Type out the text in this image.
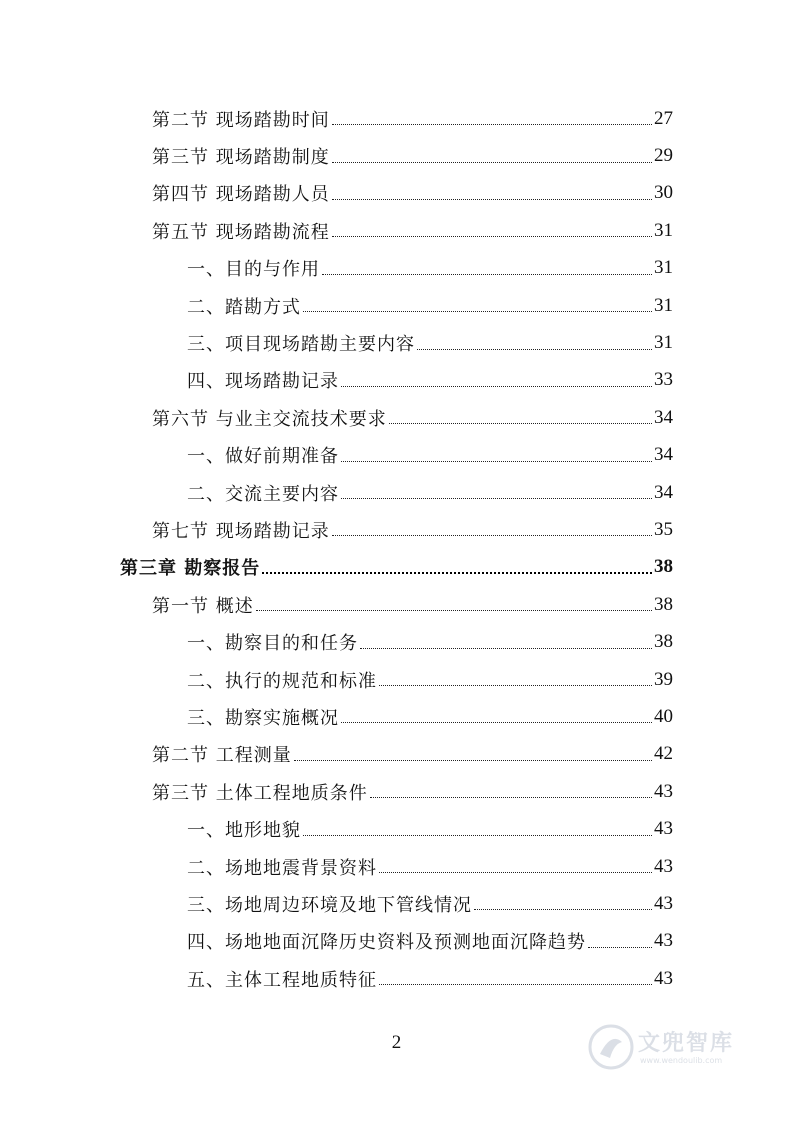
第二节 现场踏勘时间	27
第三节 现场踏勘制度	29
第四节 现场踏勘人员	30
第五节 现场踏勘流程	31
一、目的与作用	31
二、踏勘方式	31
三、项目现场踏勘主要内容	31
四、现场踏勘记录	33
第六节 与业主交流技术要求	34
一、做好前期准备	34
二、交流主要内容	34
第七节 现场踏勘记录	35
第三章 勘察报告	38
第一节 概述	38
一、勘察目的和任务	38
二、执行的规范和标准	39
三、勘察实施概况	40
第二节 工程测量	42
第三节 土体工程地质条件	43
一、地形地貌	43
二、场地地震背景资料	43
三、场地周边环境及地下管线情况	43
四、场地地面沉降历史资料及预测地面沉降趋势	43
五、主体工程地质特征	43
2	文兜智库
www.wendoulib.com
